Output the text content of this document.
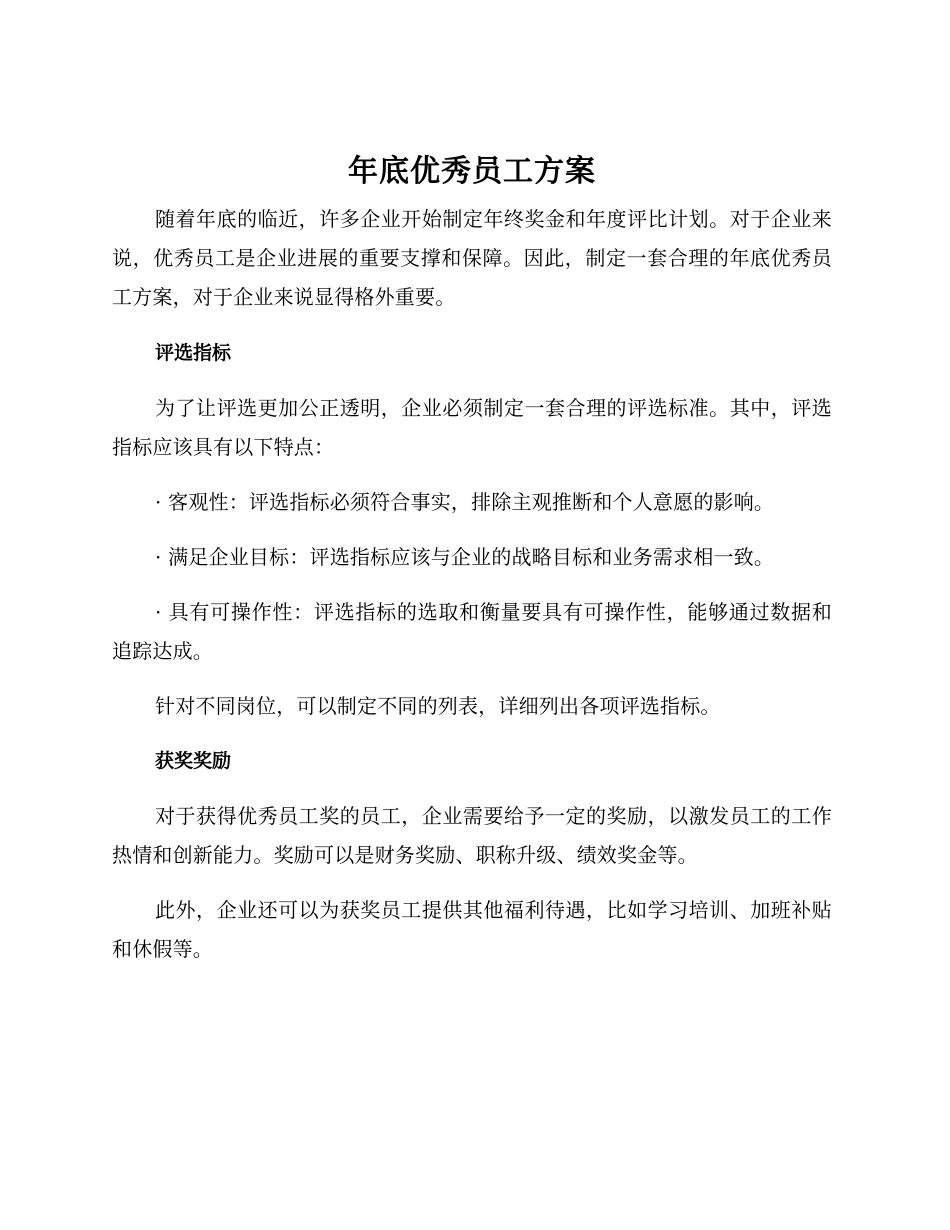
年底优秀员工方案

随着年底的临近，许多企业开始制定年终奖金和年度评比计划。对于企业来说，优秀员工是企业进展的重要支撑和保障。因此，制定一套合理的年底优秀员工方案，对于企业来说显得格外重要。

评选指标

为了让评选更加公正透明，企业必须制定一套合理的评选标准。其中，评选指标应该具有以下特点：

· 客观性：评选指标必须符合事实，排除主观推断和个人意愿的影响。

· 满足企业目标：评选指标应该与企业的战略目标和业务需求相一致。

· 具有可操作性：评选指标的选取和衡量要具有可操作性，能够通过数据和追踪达成。

针对不同岗位，可以制定不同的列表，详细列出各项评选指标。

获奖奖励

对于获得优秀员工奖的员工，企业需要给予一定的奖励，以激发员工的工作热情和创新能力。奖励可以是财务奖励、职称升级、绩效奖金等。

此外，企业还可以为获奖员工提供其他福利待遇，比如学习培训、加班补贴和休假等。
